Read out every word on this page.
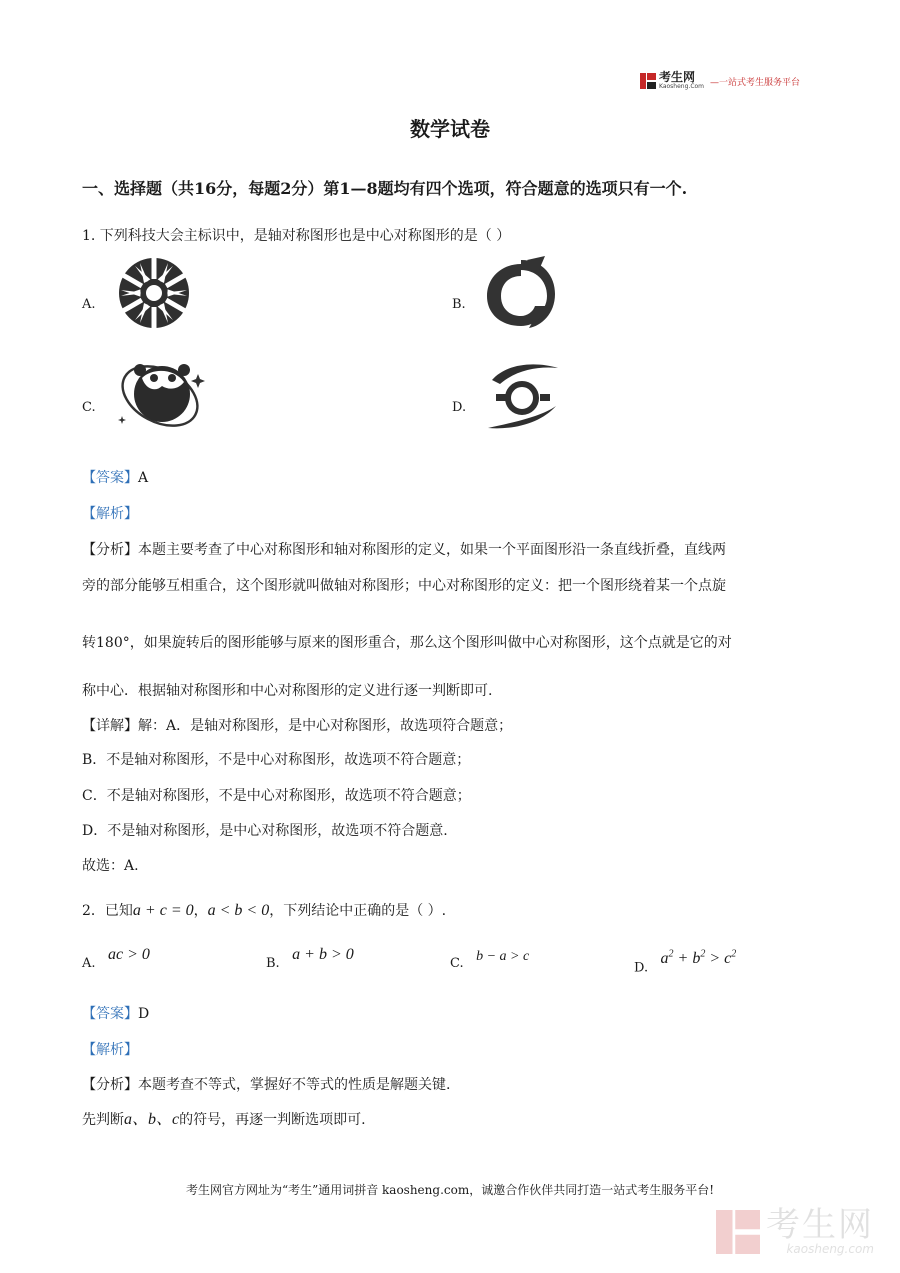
考生网
Kaosheng.Com —一站式考生服务平台
数学试卷
一、选择题（共16分，每题2分）第1—8题均有四个选项，符合题意的选项只有一个.
1. 下列科技大会主标识中，是轴对称图形也是中心对称图形的是（ ）
A.	B.
C.	D.
【答案】A
【解析】
【分析】本题主要考查了中心对称图形和轴对称图形的定义，如果一个平面图形沿一条直线折叠，直线两
旁的部分能够互相重合，这个图形就叫做轴对称图形；中心对称图形的定义：把一个图形绕着某一个点旋
转180°，如果旋转后的图形能够与原来的图形重合，那么这个图形叫做中心对称图形，这个点就是它的对
称中心．根据轴对称图形和中心对称图形的定义进行逐一判断即可.
【详解】解：A．是轴对称图形，是中心对称图形，故选项符合题意；
B．不是轴对称图形，不是中心对称图形，故选项不符合题意；
C．不是轴对称图形，不是中心对称图形，故选项不符合题意；
D．不是轴对称图形，是中心对称图形，故选项不符合题意.
故选：A.
2．已知a + c = 0，a < b < 0，下列结论中正确的是（ ）.
A. ac > 0
B. a + b > 0
C. b − a > c
D. $a^2 + b^2 > c^2$
【答案】D
【解析】
【分析】本题考查不等式，掌握好不等式的性质是解题关键.
先判断a、b、c的符号，再逐一判断选项即可.
考生网官方网址为“考生”通用词拼音 kaosheng.com，诚邀合作伙伴共同打造一站式考生服务平台!
考生网
kaosheng.com
